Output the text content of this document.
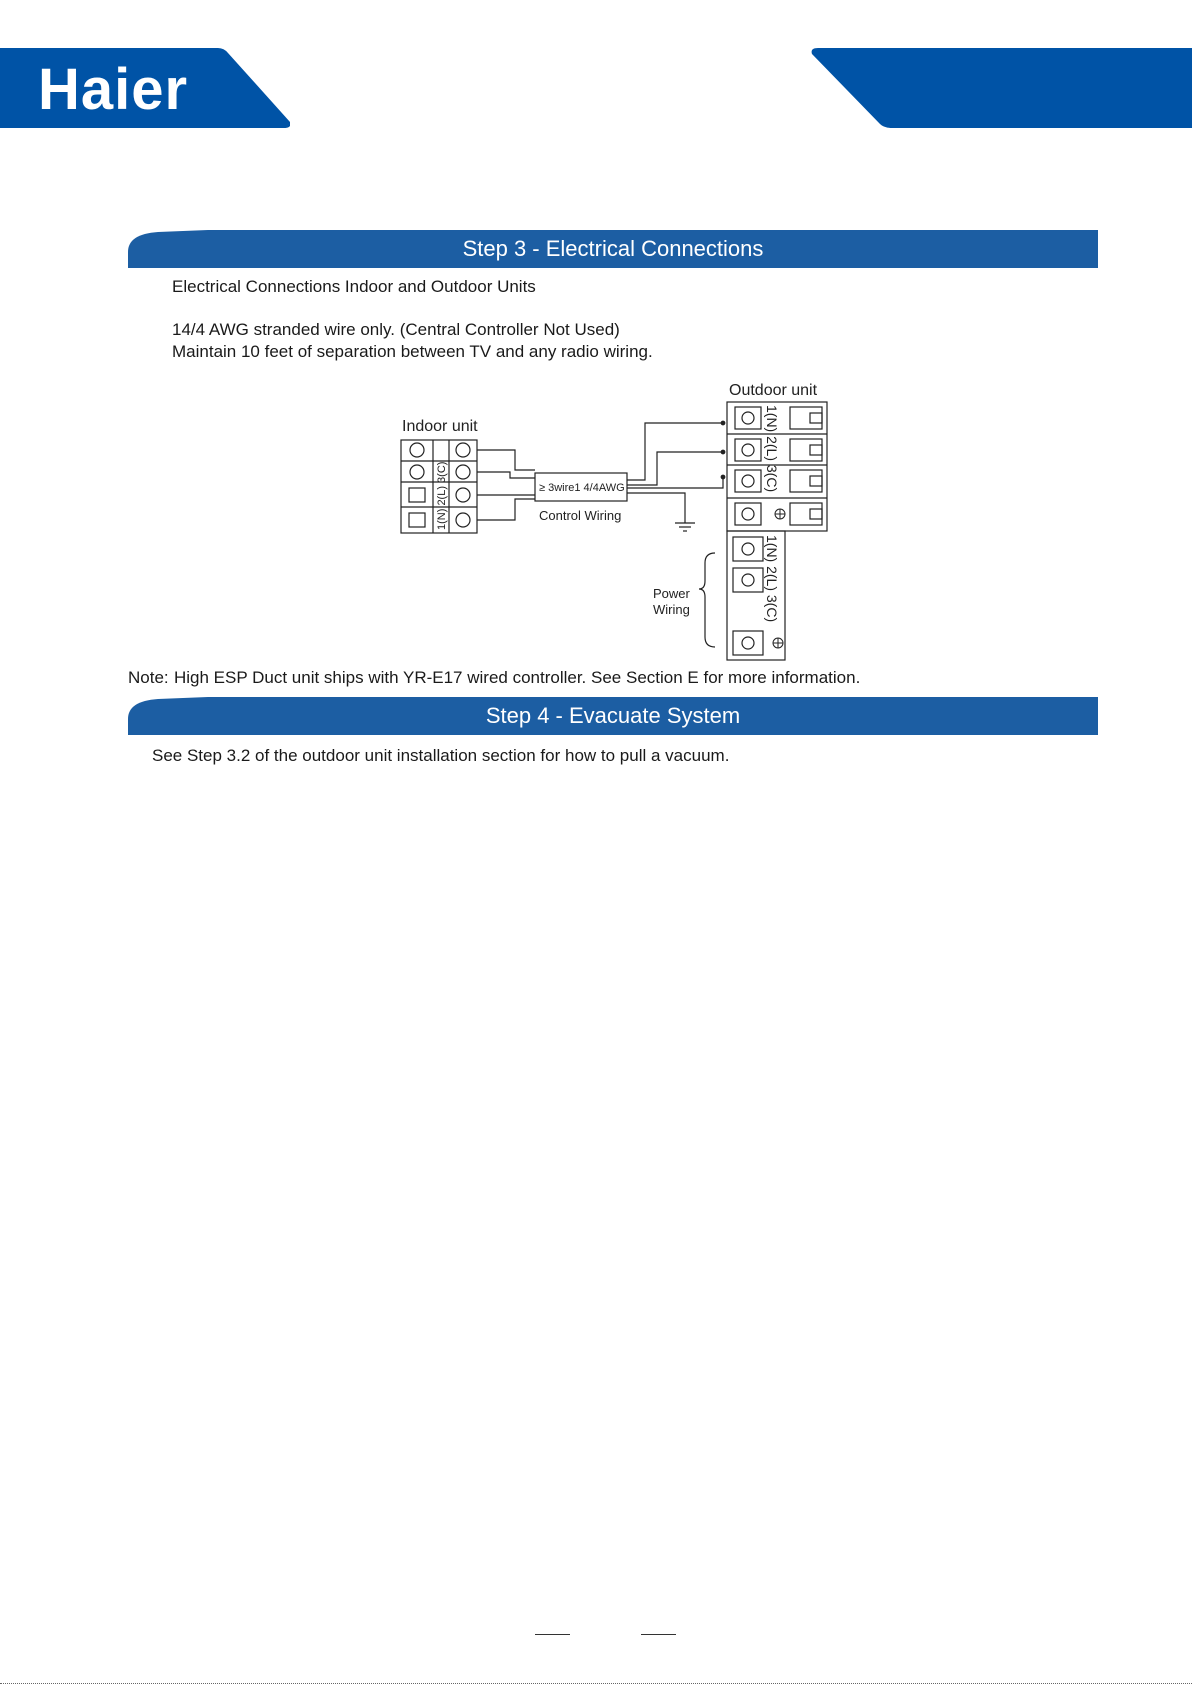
Haier
Step 3 - Electrical Connections
Electrical Connections Indoor and Outdoor Units
14/4 AWG stranded wire only. (Central Controller Not Used)
Maintain 10 feet of separation between TV and any radio wiring.
Indoor unit
Outdoor unit
1(N) 2(L) 3(C)
1(N) 2(L) 3(C)
1(N) 2(L) 3(C)
≥ 3wire1 4/4AWG
Control Wiring
Power
Wiring
Note: High ESP Duct unit ships with YR-E17 wired controller. See Section E for more information.
Step 4 - Evacuate System
See Step 3.2 of the outdoor unit installation section for how to pull a vacuum.
